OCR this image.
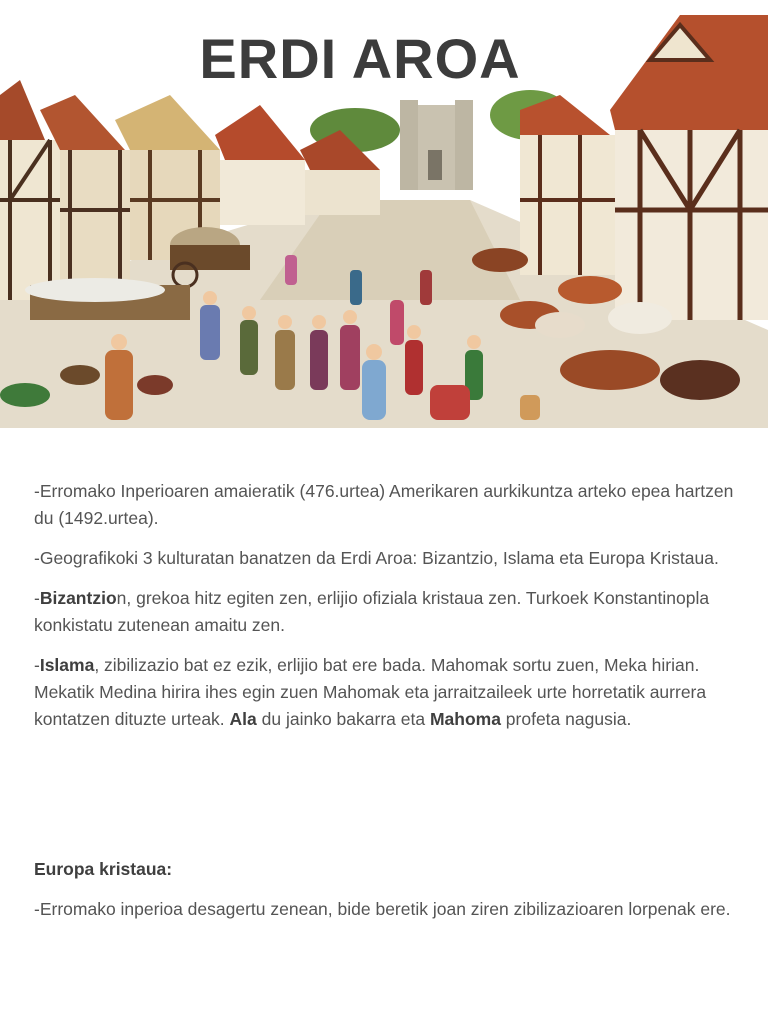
ERDI AROA

-Erromako Inperioaren amaieratik (476.urtea) Amerikaren aurkikuntza arteko epea hartzen du (1492.urtea).

-Geografikoki 3 kulturatan banatzen da Erdi Aroa: Bizantzio, Islama eta Europa Kristaua.

-Bizantzion, grekoa hitz egiten zen, erlijio ofiziala kristaua zen. Turkoek Konstantinopla konkistatu zutenean amaitu zen.

-Islama, zibilizazio bat ez ezik, erlijio bat ere bada. Mahomak sortu zuen, Meka hirian. Mekatik Medina hirira ihes egin zuen Mahomak eta jarraitzaileek urte horretatik aurrera kontatzen dituzte urteak. Ala du jainko bakarra eta Mahoma profeta nagusia.

Europa kristaua:

-Erromako inperioa desagertu zenean, bide beretik joan ziren zibilizazioaren lorpenak ere.
